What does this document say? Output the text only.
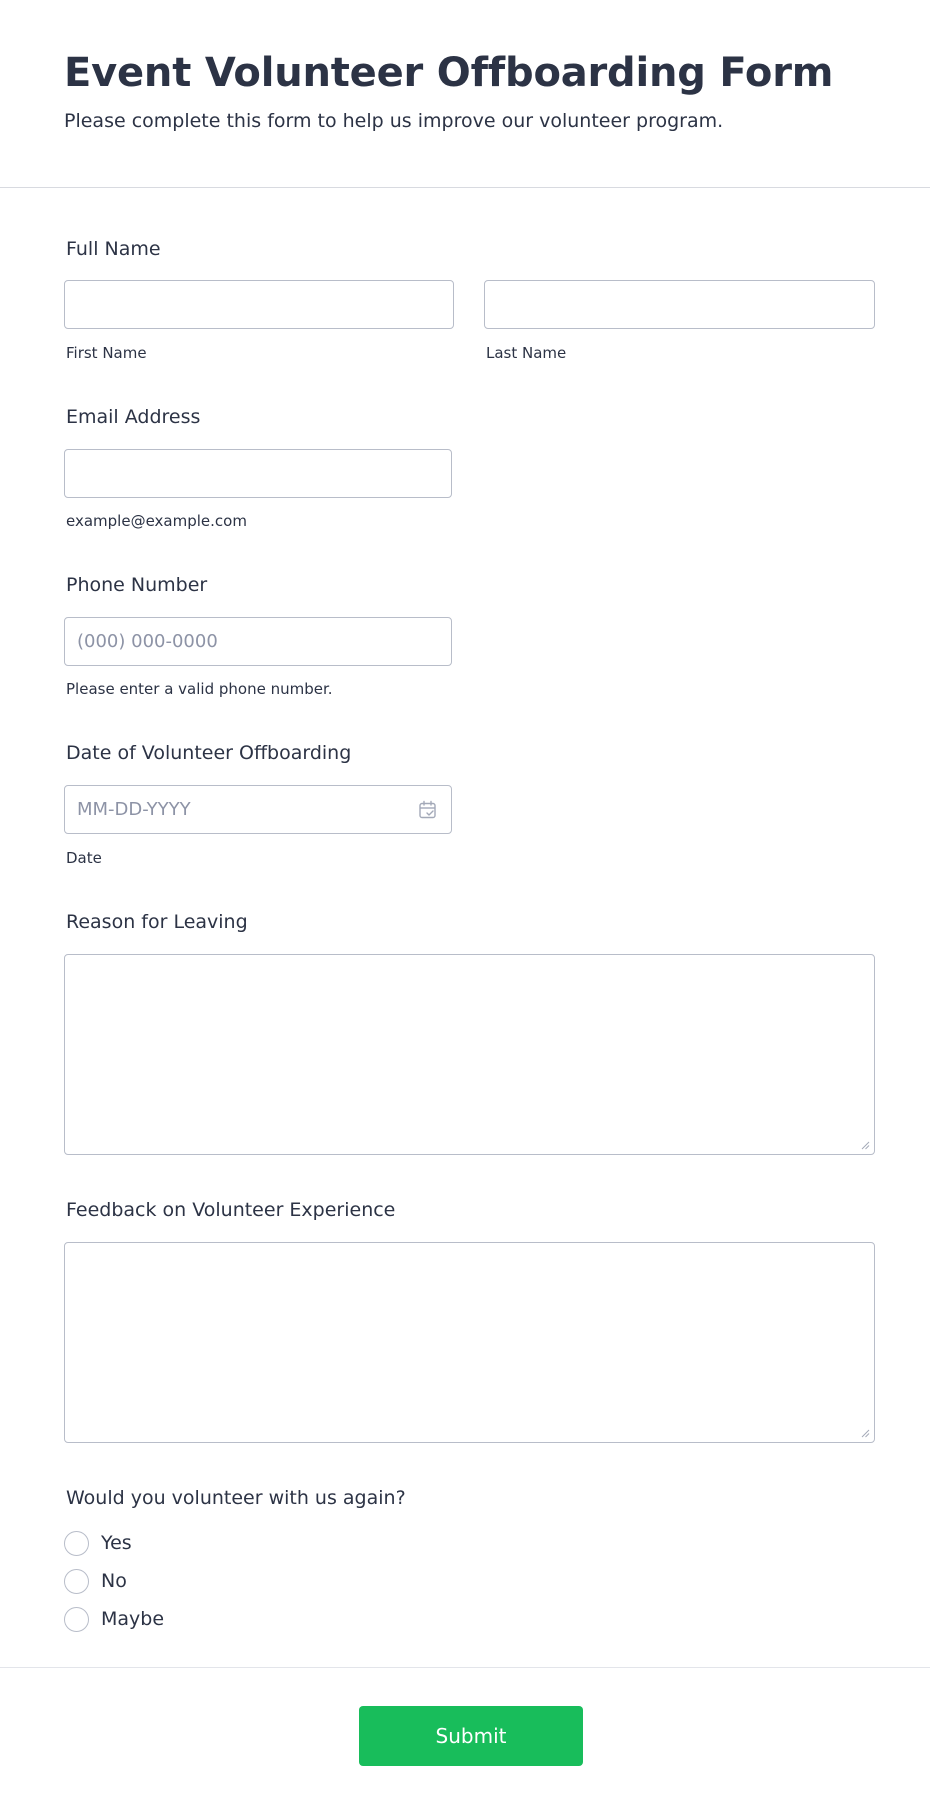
Event Volunteer Offboarding Form

Please complete this form to help us improve our volunteer program.

Full Name
First Name	Last Name
Email Address
example@example.com
Phone Number
(000) 000-0000
Please enter a valid phone number.
Date of Volunteer Offboarding
MM-DD-YYYY
Date
Reason for Leaving
Feedback on Volunteer Experience
Would you volunteer with us again?
Yes
No
Maybe
Submit
